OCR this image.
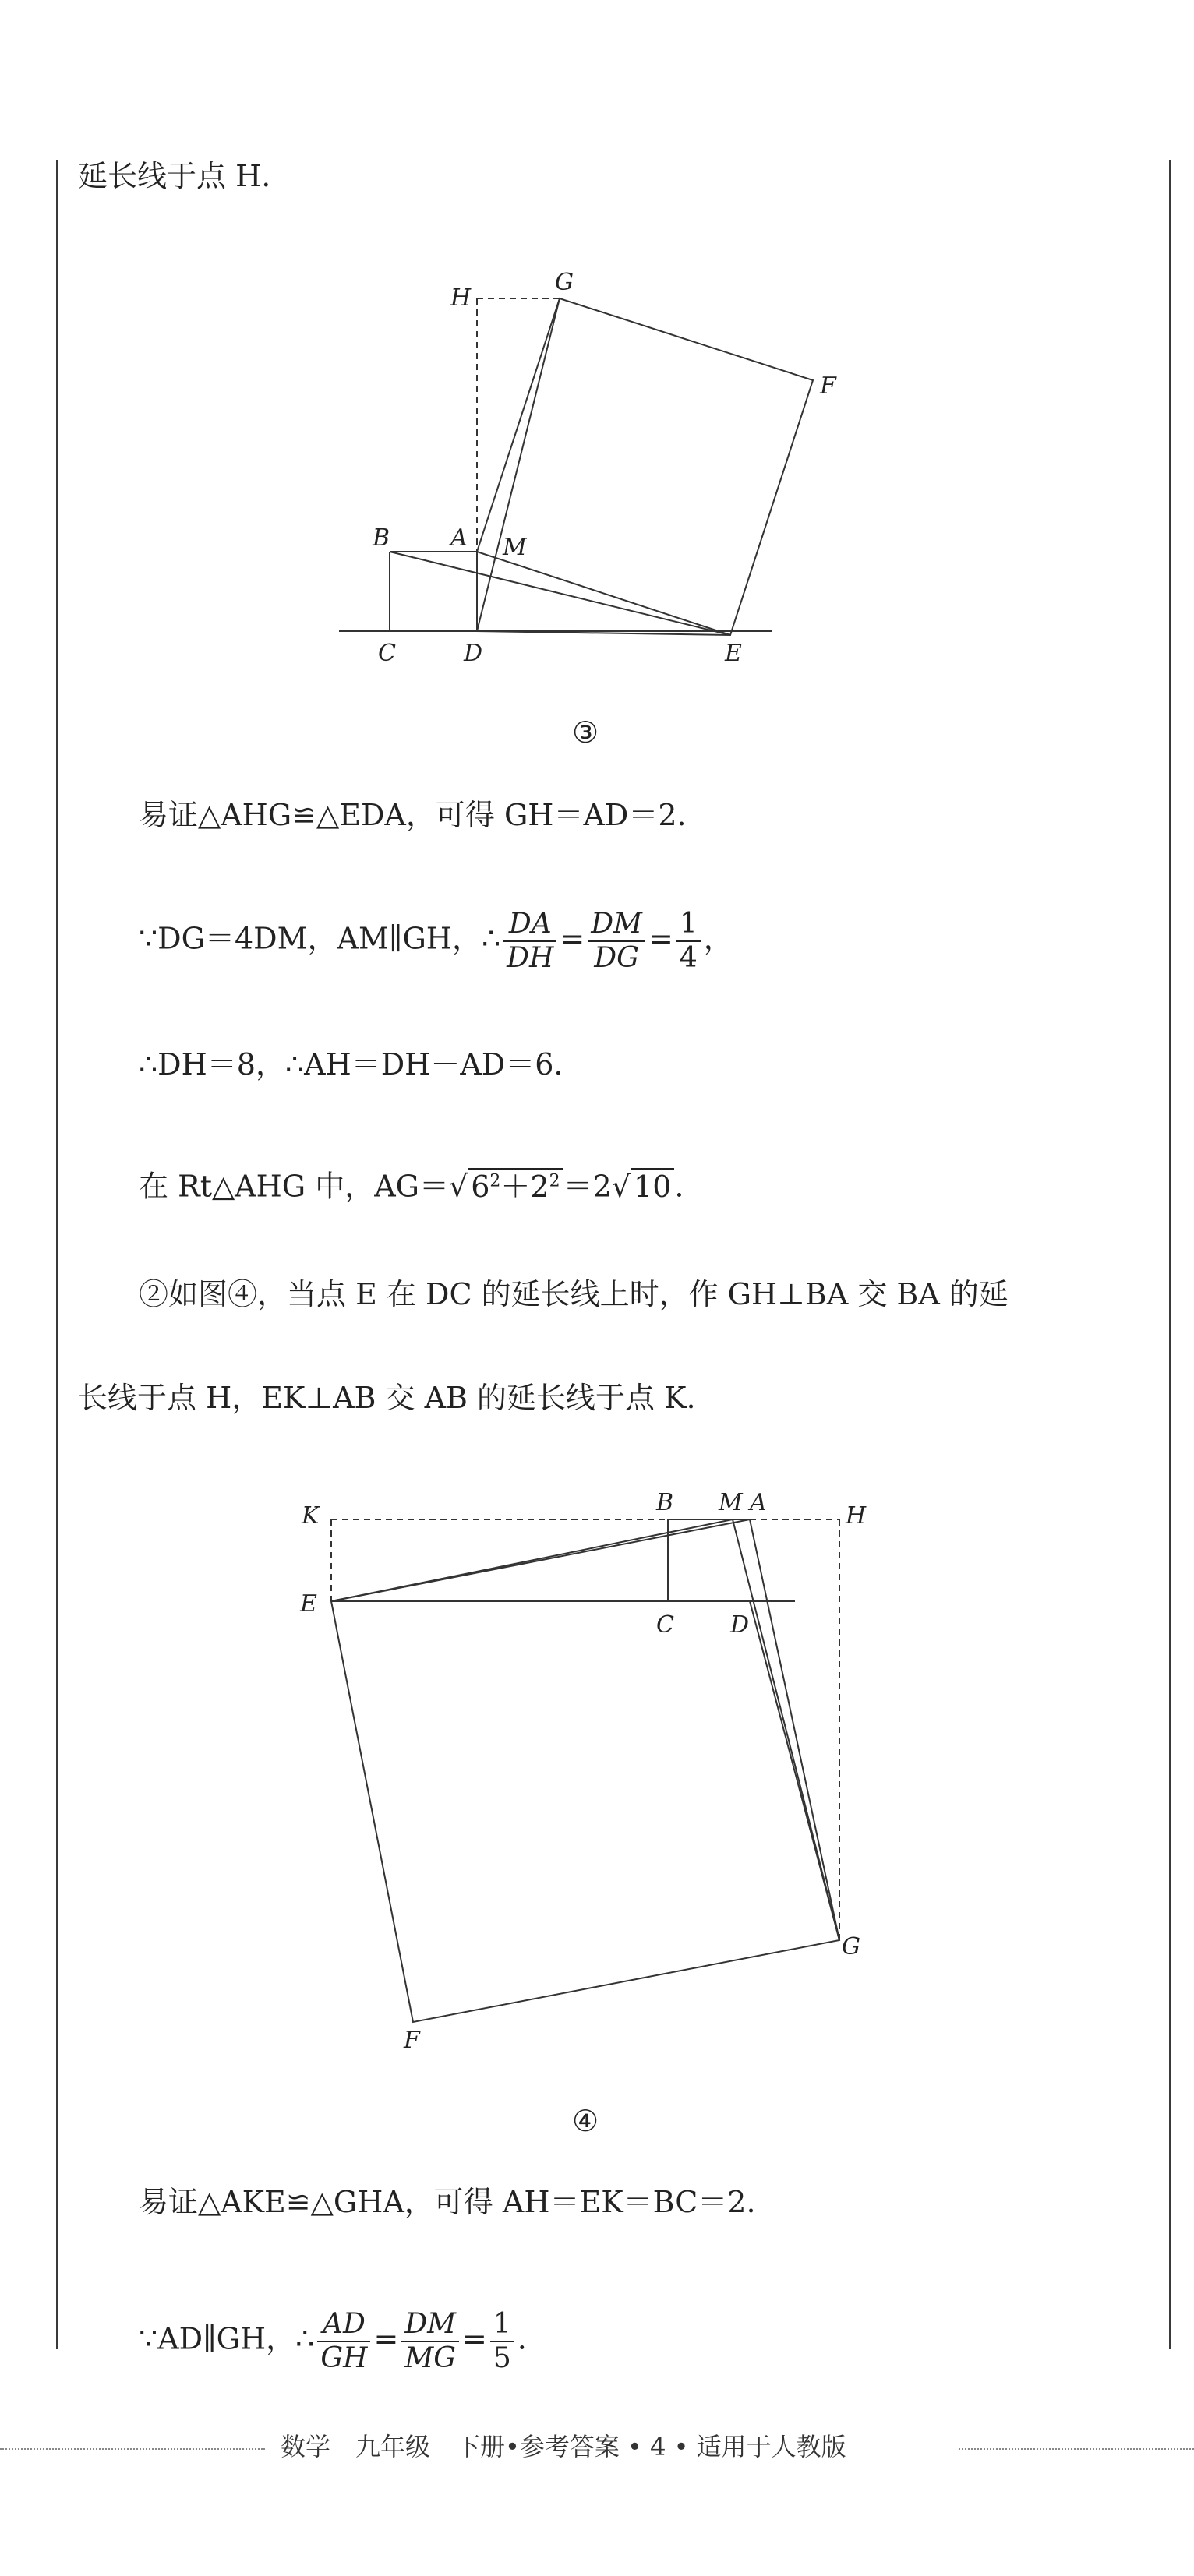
延长线于点 H.
H
G
F
B	A M
C	D	E
③
易证△AHG≌△EDA，可得 GH＝AD＝2.
∵DG＝4DM，AM∥GH，∴ $\frac{DA}{DH} = \frac{DM}{DG} = \frac{1}{4}$ ，
∴DH＝8，∴AH＝DH－AD＝6.
在 Rt△AHG 中，AG＝√ $6^2+2^2 =2√$ 10 .
②如图④，当点 E 在 DC 的延长线上时，作 GH⊥BA 交 BA 的延
长线于点 H，EK⊥AB 交 AB 的延长线于点 K.
K	B M A	H
E
C D
G
F
④
易证△AKE≌△GHA，可得 AH＝EK＝BC＝2.
∵AD∥GH，∴ $\frac{AD}{GH} = \frac{DM}{MG} = \frac{1}{5}$ .
数学　九年级　下册•参考答案 • 4 • 适用于人教版
